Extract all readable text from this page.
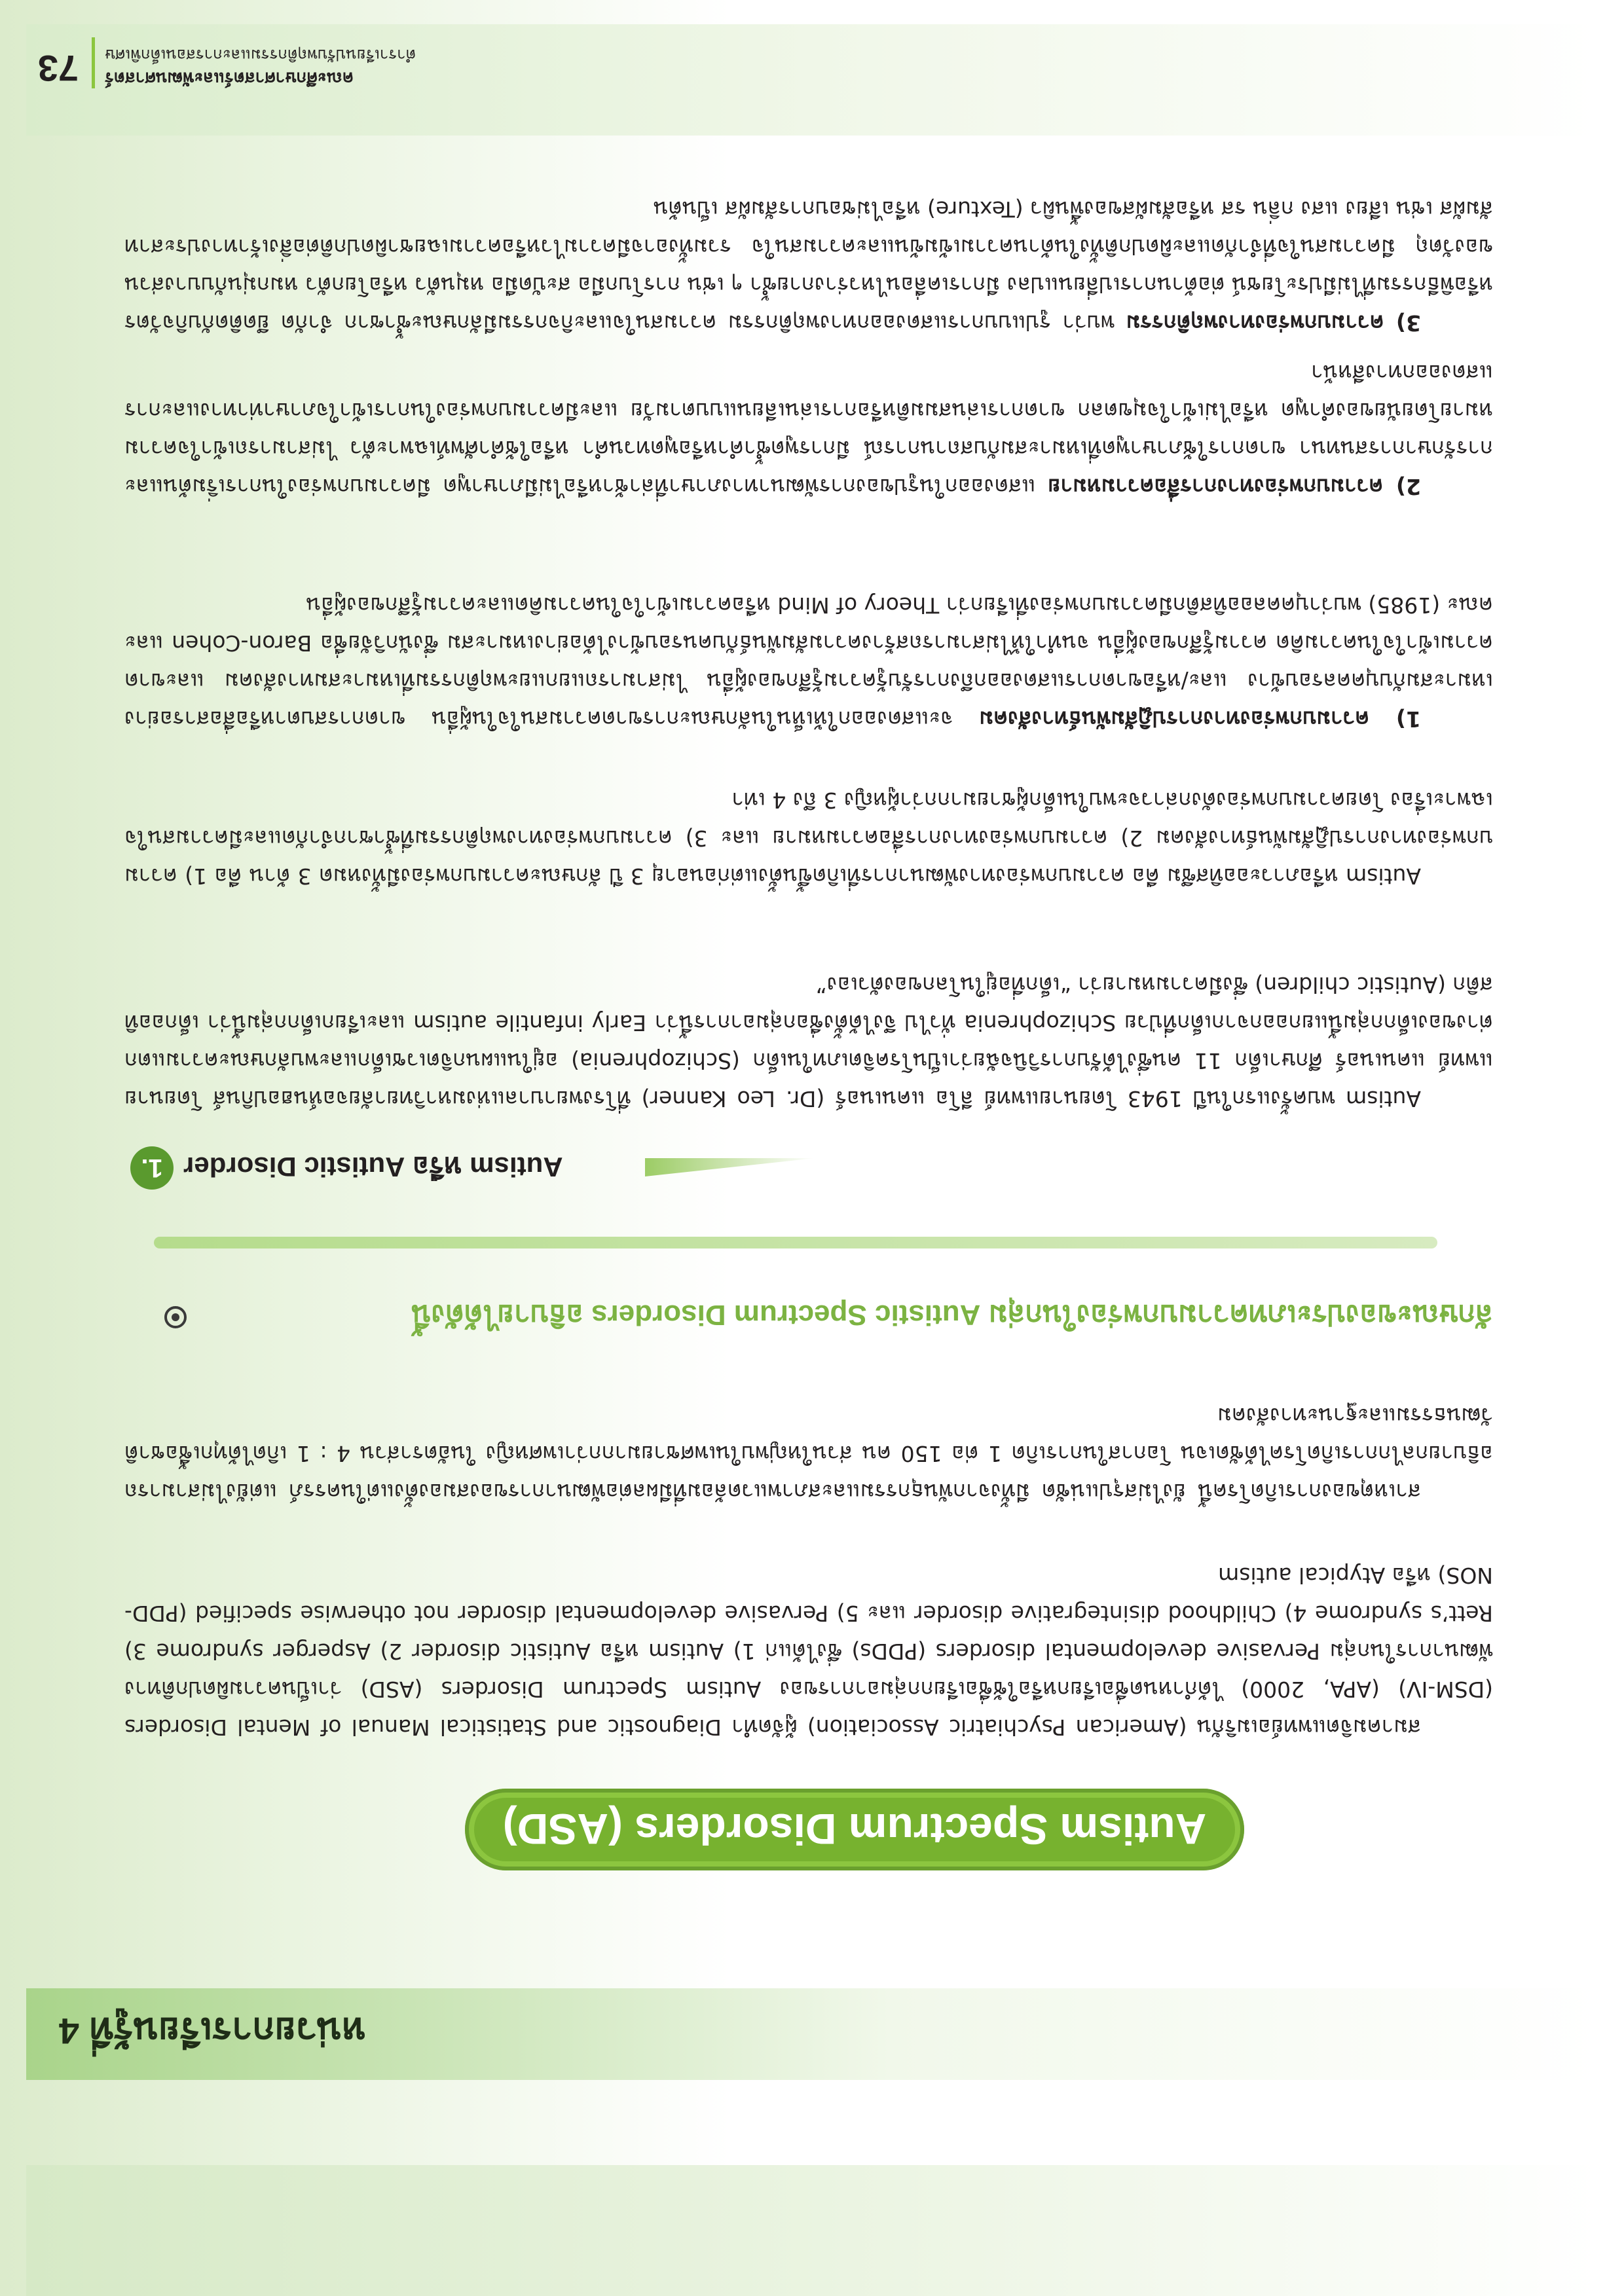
หน่วยการเรียนรู้ที่ 4
Autism Spectrum Disorders (ASD)
สมาคมจิตแพทย์อเมริกัน (American Psychiatric Association) ผู้จัดทำ Diagnostic and Statistical Manual of Mental Disorders (DSM-IV) (APA, 2000) ได้กำหนดชื่อเรียกหรือใช้ชื่อเรียกกลุ่มอาการของ Autism Spectrum Disorders (ASD) ว่าเป็นความผิดปกติทางพัฒนาการในกลุ่ม Pervasive developmental disorders (PDDs) ซึ่งได้แก่ 1) Autism หรือ Autistic disorder 2) Asperger syndrome 3) Rett’s syndrome 4) Childhood disintegrative disorder และ 5) Pervasive developmental disorder not otherwise specified (PDD-NOS) หรือ Atypical autism
สาเหตุของการเกิดโรคนี้ ยังไม่สรุปแน่ชัด มีทั้งจากพันธุกรรมและสภาพแวดล้อมที่มีผลต่อพัฒนาการของสมองตั้งแต่ในครรภ์ แต่ยังไม่สามารถอธิบายกลไกการเกิดโรคได้ชัดเจน โอกาสในการเกิด 1 ต่อ 150 คน ส่วนใหญ่พบในเพศชายมากกว่าเพศหญิง ในอัตราส่วน 4 : 1 เกิดได้ทุกเชื้อชาติ วัฒนธรรมและฐานะทางสังคม
ลักษณะของประเภทความบกพร่องในกลุ่ม Autistic Spectrum Disorders อธิบายได้ดังนี้
1. Autism หรือ Autistic Disorder
Autism พบครั้งแรกในปี 1943 โดยนายแพทย์ ลีโอ แคนเนอร์ (Dr. Leo Kanner) ที่โรงพยาบาลแห่งมหาวิทยาลัยจอห์นฮอปกินส์ โดยนายแพทย์ แคนเนอร์ ศึกษาเด็ก 11 คนซึ่งได้รับการวินิจฉัยว่าเป็นโรคจิตเภทในเด็ก (Schizophrenia) อยู่ในแผนกจิตเวชเด็กและพบลักษณะความแตกต่างของเด็กกลุ่มนี้แยกออกจากเด็กที่ป่วย Schizophrenia ทั่วไป จึงได้ตั้งชื่อกลุ่มอาการนี้ว่า Early infantile autism และเรียกเด็กกลุ่มนี้ว่า เด็กออทิสติก (Autistic children) ซึ่งมีความหมายว่า “เด็กที่อยู่ในโลกของตัวเอง”
Autism หรือภาวะออทิสซึม คือ ความบกพร่องทางพัฒนาการที่เกิดขึ้นตั้งแต่ก่อนอายุ 3 ปี ลักษณะความบกพร่องมีทั้งหมด 3 ด้าน คือ 1) ความบกพร่องทางการปฏิสัมพันธ์ทางสังคม 2) ความบกพร่องทางการสื่อความหมาย และ 3) ความบกพร่องทางพฤติกรรมที่ซ้ำซากจำกัดและมีความสนใจเฉพาะเรื่อง โดยความบกพร่องดังกล่าวจะพบในเด็กผู้ชายมากกว่าผู้หญิง 3 ถึง 4 เท่า
1) ความบกพร่องทางการปฏิสัมพันธ์ทางสังคม จะแสดงออกให้เห็นในลักษณะการขาดความสนใจในผู้อื่น ขาดการสบตาหรือสื่อสารอย่างเหมาะสมกับบุคคลรอบข้าง และ/หรือขาดการแสดงออกถึงการรับรู้ความรู้สึกของผู้อื่น ไม่สามารถแยกแยะพฤติกรรมที่เหมาะสมทางสังคม และขาดความเข้าใจในความคิด ความรู้สึกของผู้อื่น จนทำให้ไม่สามารถสร้างความสัมพันธ์กับคนรอบข้างได้อย่างเหมาะสม ซึ่งนักวิจัยชื่อ Baron-Cohen และคณะ (1985) พบว่าบุคคลออทิสติกมีความบกพร่องที่เรียกว่า Theory of Mind หรือความเข้าใจในความคิดและความรู้สึกของผู้อื่น
2) ความบกพร่องทางการสื่อความหมาย แสดงออกในรูปของการพัฒนาทางภาษาที่ล่าช้าหรือไม่มีภาษาพูด มีความบกพร่องในการเริ่มต้นและการรักษาการสนทนา ขาดการใช้ภาษาพูดที่เหมาะสมกับสถานการณ์ มีการพูดซ้ำคำหรือพูดทวนคำ หรือใช้คำศัพท์เฉพาะตัว ไม่สามารถเข้าใจความหมายโดยนัยของคำพูด หรือไม่เข้าใจมุขตลก ขาดการเล่นสมมติหรือการเล่นเลียนแบบตามวัย และมีความบกพร่องในการเข้าใจภาษาท่าทางและการแสดงออกทางสีหน้า
3) ความบกพร่องทางพฤติกรรม พบว่า รูปแบบการแสดงออกทางพฤติกรรม ความสนใจและกิจกรรมมีลักษณะซ้ำซาก จำกัด ยึดติดกับกิจวัตรหรือพิธีกรรมที่ไม่มีประโยชน์ ต่อต้านการเปลี่ยนแปลง มีการเคลื่อนไหวร่างกายซ้ำ ๆ เช่น การโบกมือ สะบัดมือ หมุนตัว หรือโยกตัว หมกมุ่นกับบางส่วนของวัตถุ มีความสนใจที่จำกัดและผิดปกติทั้งในด้านความเข้มข้นและความสนใจ รวมทั้งอาจมีความไวหรือความเฉยชาผิดปกติต่อสิ่งเร้าทางประสาทสัมผัส เช่น เสียง แสง กลิ่น รส หรือสัมผัสของพื้นผิว (Texture) หรือไม่ชอบการสัมผัส เป็นต้น
คณะศึกษาศาสตร์และพัฒนศาสตร์
ตำราเรียนปรับพฤติกรรมและการสอนเด็กพิเศษ
73
